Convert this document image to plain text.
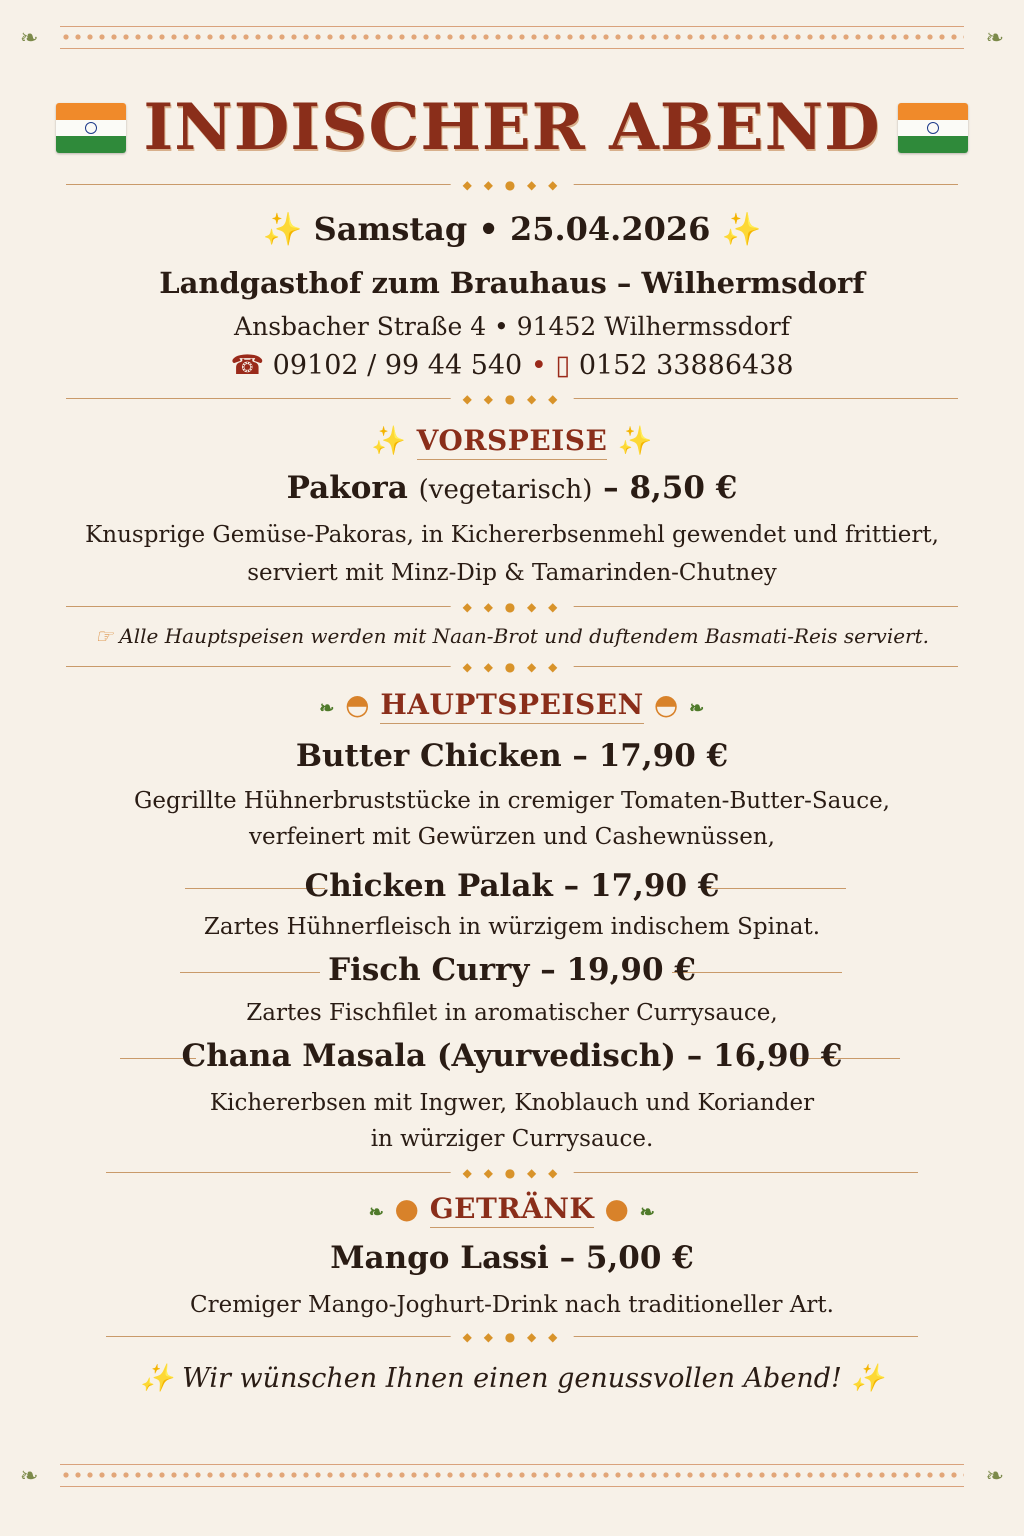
❧	❧
INDISCHER ABEND
◆ ◆ ● ◆ ◆
✨ Samstag • 25.04.2026 ✨
Landgasthof zum Brauhaus – Wilhermsdorf
Ansbacher Straße 4 • 91452 Wilhermssdorf
☎ 09102 / 99 44 540 • ▯ 0152 33886438
◆ ◆ ● ◆ ◆
✨ VORSPEISE ✨
Pakora (vegetarisch) – 8,50 €
Knusprige Gemüse-Pakoras, in Kichererbsenmehl gewendet und frittiert,
serviert mit Minz-Dip & Tamarinden-Chutney
◆ ◆ ● ◆ ◆
☞ Alle Hauptspeisen werden mit Naan-Brot und duftendem Basmati-Reis serviert.
◆ ◆ ● ◆ ◆
❧ ◓ HAUPTSPEISEN ◓ ❧
Butter Chicken – 17,90 €
Gegrillte Hühnerbruststücke in cremiger Tomaten-Butter-Sauce,
verfeinert mit Gewürzen und Cashewnüssen,
Chicken Palak – 17,90 €
Zartes Hühnerfleisch in würzigem indischem Spinat.
Fisch Curry – 19,90 €
Zartes Fischfilet in aromatischer Currysauce,
Chana Masala (Ayurvedisch) – 16,90 €
Kichererbsen mit Ingwer, Knoblauch und Koriander
in würziger Currysauce.
◆ ◆ ● ◆ ◆
❧ ● GETRÄNK ● ❧
Mango Lassi – 5,00 €
Cremiger Mango-Joghurt-Drink nach traditioneller Art.
◆ ◆ ● ◆ ◆
✨ Wir wünschen Ihnen einen genussvollen Abend! ✨
❧	❧
